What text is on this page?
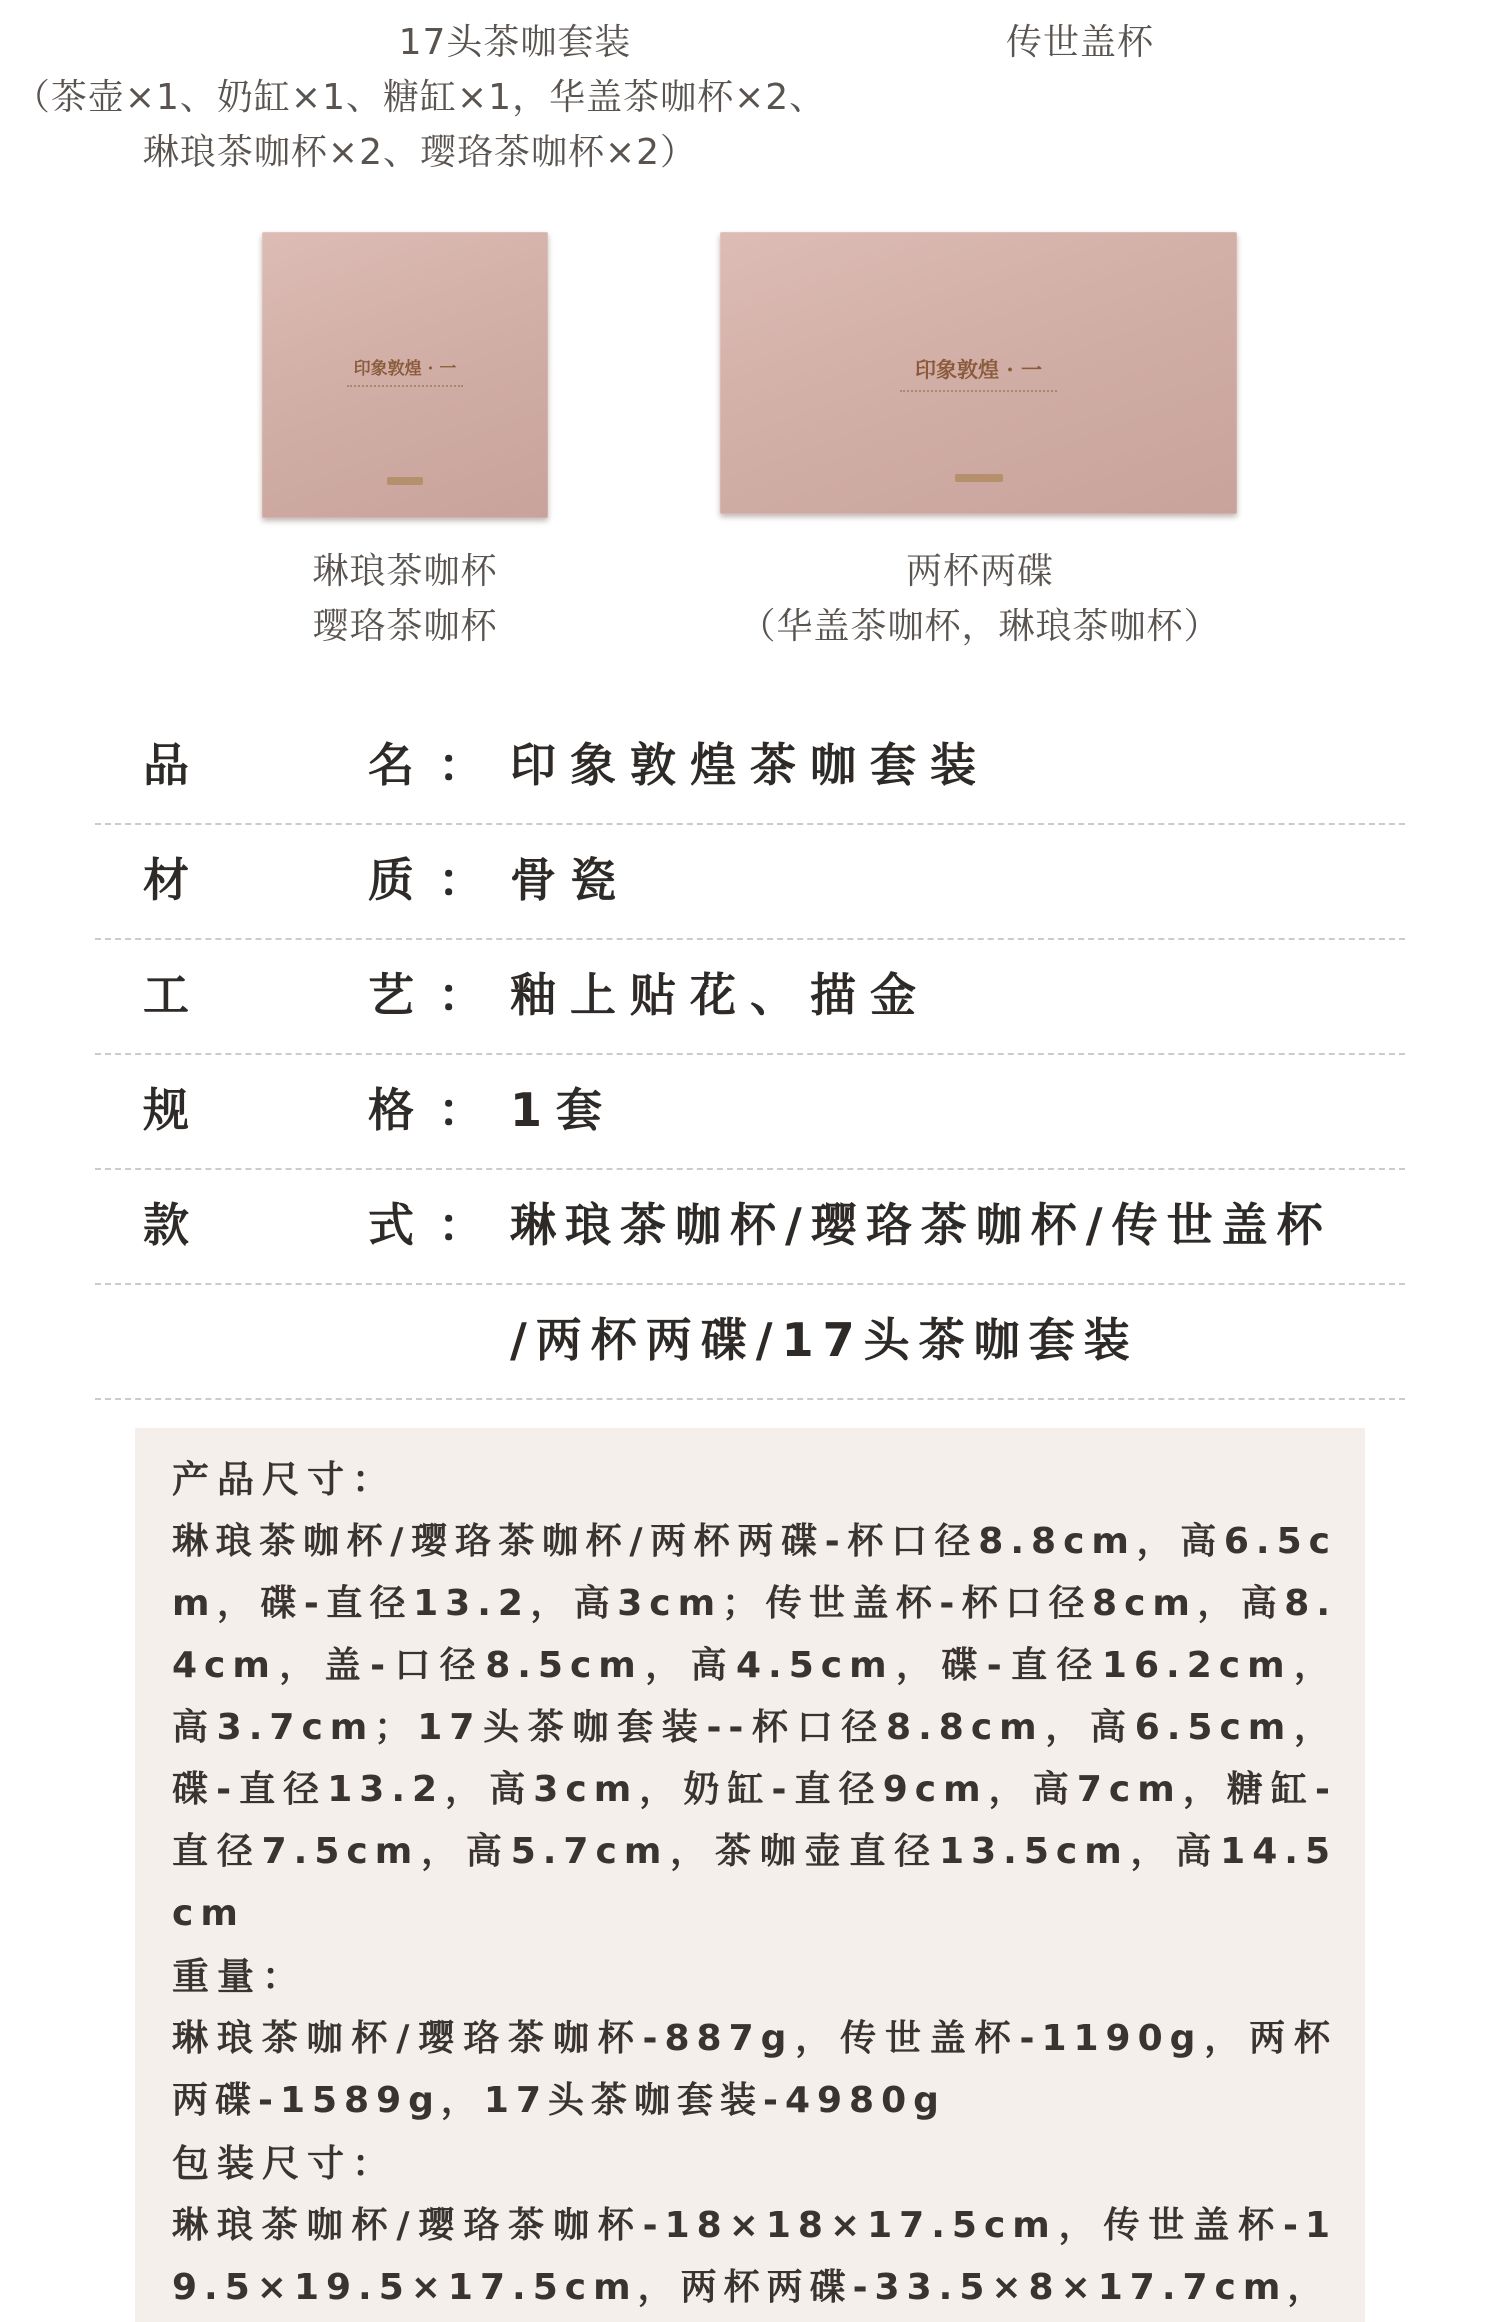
17头茶咖套装
（茶壶×1、奶缸×1、糖缸×1，华盖茶咖杯×2、
琳琅茶咖杯×2、璎珞茶咖杯×2）
传世盖杯
印象敦煌 · 一	印象敦煌 · 一
琳琅茶咖杯
璎珞茶咖杯
两杯两碟
（华盖茶咖杯，琳琅茶咖杯）
品	名 ： 印象敦煌茶咖套装
材	质 ： 骨瓷
工	艺 ： 釉上贴花、描金
规	格 ： 1套
款	式 ： 琳琅茶咖杯/璎珞茶咖杯/传世盖杯
/两杯两碟/17头茶咖套装

产品尺寸：

琳琅茶咖杯/璎珞茶咖杯/两杯两碟-杯口径8.8cm，高6.5cm，碟-直径13.2，高3cm；传世盖杯-杯口径8cm，高8.4cm，盖-口径8.5cm，高4.5cm，碟-直径16.2cm，高3.7cm；17头茶咖套装--杯口径8.8cm，高6.5cm，碟-直径13.2，高3cm，奶缸-直径9cm，高7cm，糖缸-直径7.5cm，高5.7cm，茶咖壶直径13.5cm，高14.5cm

重量：

琳琅茶咖杯/璎珞茶咖杯-887g，传世盖杯-1190g，两杯两碟-1589g，17头茶咖套装-4980g

包装尺寸：

琳琅茶咖杯/璎珞茶咖杯-18×18×17.5cm，传世盖杯-19.5×19.5×17.5cm，两杯两碟-33.5×8×17.7cm，
